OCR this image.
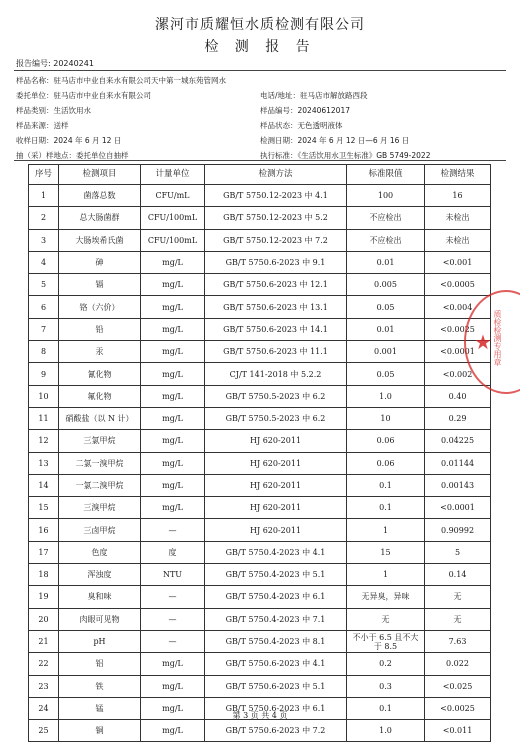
漯河市质耀恒水质检测有限公司
检 测 报 告
报告编号: 20240241
样品名称：驻马店市中业自来水有限公司天中第一城东苑管网水
委托单位：驻马店市中业自来水有限公司	电话/地址：驻马店市解放路西段
样品类别：生活饮用水	样品编号：20240612017
样品来源：送样	样品状态：无色透明液体
收样日期：2024 年 6 月 12 日	检测日期：2024 年 6 月 12 日—6 月 16 日
抽（采）样地点：委托单位自抽样	执行标准：《生活饮用水卫生标准》GB 5749-2022
序号	检测项目	计量单位	检测方法	标准限值	检测结果
1	菌落总数	CFU/mL	GB/T 5750.12-2023 中 4.1	100	16
2	总大肠菌群	CFU/100mL	GB/T 5750.12-2023 中 5.2	不应检出	未检出
3	大肠埃希氏菌	CFU/100mL	GB/T 5750.12-2023 中 7.2	不应检出	未检出
4	砷	mg/L	GB/T 5750.6-2023 中 9.1	0.01	<0.001
5	镉	mg/L	GB/T 5750.6-2023 中 12.1	0.005	<0.0005
6	铬（六价）	mg/L	GB/T 5750.6-2023 中 13.1	0.05	<0.004
7	铅	mg/L	GB/T 5750.6-2023 中 14.1	0.01	<0.0025
8	汞	mg/L	GB/T 5750.6-2023 中 11.1	0.001	<0.0001
9	氰化物	mg/L	CJ/T 141-2018 中 5.2.2	0.05	<0.002
10	氟化物	mg/L	GB/T 5750.5-2023 中 6.2	1.0	0.40
11	硝酸盐（以 N 计）	mg/L	GB/T 5750.5-2023 中 6.2	10	0.29
12	三氯甲烷	mg/L	HJ 620-2011	0.06	0.04225
13	二氯一溴甲烷	mg/L	HJ 620-2011	0.06	0.01144
14	一氯二溴甲烷	mg/L	HJ 620-2011	0.1	0.00143
15	三溴甲烷	mg/L	HJ 620-2011	0.1	<0.0001
16	三卤甲烷	—	HJ 620-2011	1	0.90992
17	色度	度	GB/T 5750.4-2023 中 4.1	15	5
18	浑浊度	NTU	GB/T 5750.4-2023 中 5.1	1	0.14
19	臭和味	—	GB/T 5750.4-2023 中 6.1	无异臭，异味	无
20	肉眼可见物	—	GB/T 5750.4-2023 中 7.1	无	无
21	pH	—	GB/T 5750.4-2023 中 8.1	不小于 6.5 且不大于 8.5	7.63
22	铝	mg/L	GB/T 5750.6-2023 中 4.1	0.2	0.022
23	铁	mg/L	GB/T 5750.6-2023 中 5.1	0.3	<0.025
24	锰	mg/L	GB/T 5750.6-2023 中 6.1	0.1	<0.0025
25	铜	mg/L	GB/T 5750.6-2023 中 7.2	1.0	<0.011
★ 质检检测专用章
第 3 页 共 4 页
